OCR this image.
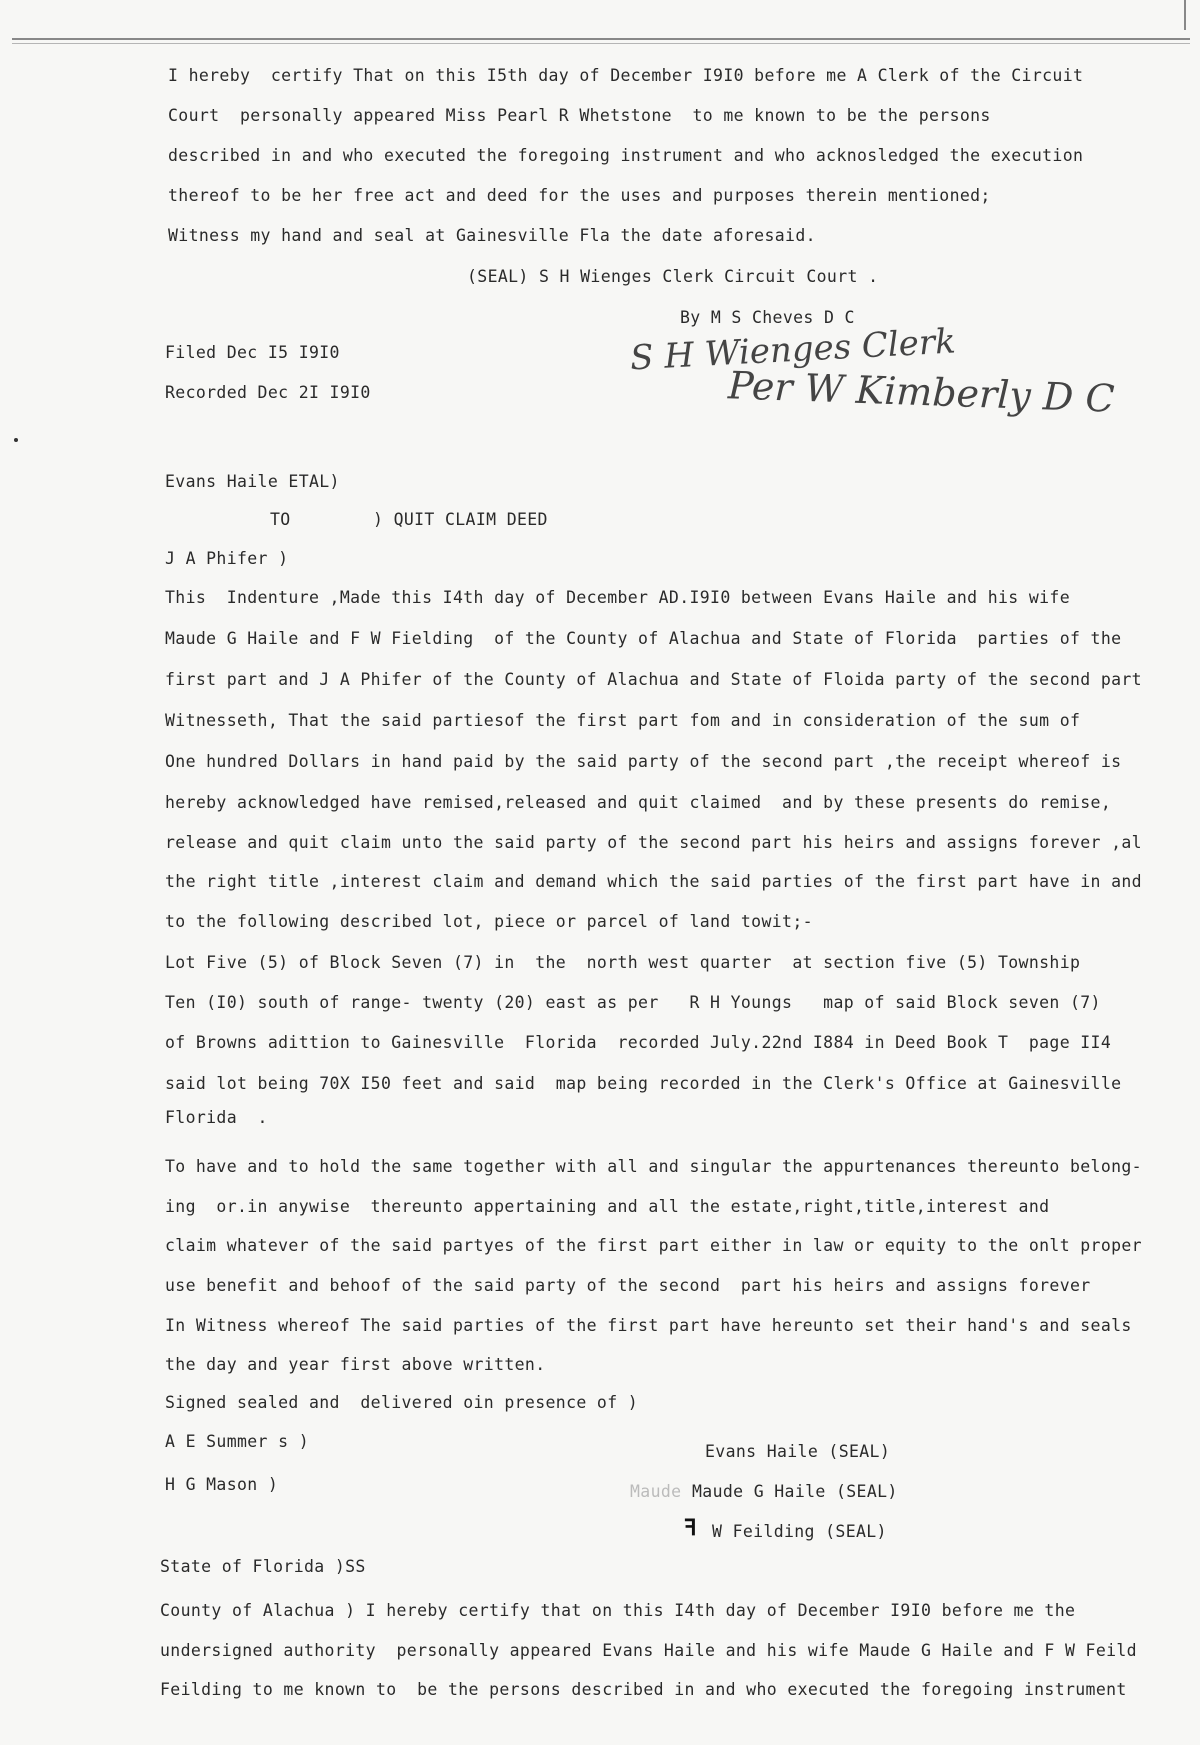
I hereby  certify That on this I5th day of December I9I0 before me A Clerk of the Circuit
Court  personally appeared Miss Pearl R Whetstone  to me known to be the persons
described in and who executed the foregoing instrument and who acknosledged the execution
thereof to be her free act and deed for the uses and purposes therein mentioned;
Witness my hand and seal at Gainesville Fla the date aforesaid.
(SEAL) S H Wienges Clerk Circuit Court .
By M S Cheves D C
Filed Dec I5 I9I0
Recorded Dec 2I I9I0
S H Wienges Clerk
Per W Kimberly D C
Evans Haile ETAL)
TO	) QUIT CLAIM DEED
J A Phifer )
This  Indenture ,Made this I4th day of December AD.I9I0 between Evans Haile and his wife
Maude G Haile and F W Fielding  of the County of Alachua and State of Florida  parties of the
first part and J A Phifer of the County of Alachua and State of Floida party of the second part
Witnesseth, That the said partiesof the first part fom and in consideration of the sum of
One hundred Dollars in hand paid by the said party of the second part ,the receipt whereof is
hereby acknowledged have remised,released and quit claimed  and by these presents do remise,
release and quit claim unto the said party of the second part his heirs and assigns forever ,al
the right title ,interest claim and demand which the said parties of the first part have in and
to the following described lot, piece or parcel of land towit;-
Lot Five (5) of Block Seven (7) in  the  north west quarter  at section five (5) Township
Ten (I0) south of range- twenty (20) east as per   R H Youngs   map of said Block seven (7)
of Browns adittion to Gainesville  Florida  recorded July.22nd I884 in Deed Book T  page II4
said lot being 70X I50 feet and said  map being recorded in the Clerk's Office at Gainesville
Florida  .
To have and to hold the same together with all and singular the appurtenances thereunto belong-
ing  or.in anywise  thereunto appertaining and all the estate,right,title,interest and
claim whatever of the said partyes of the first part either in law or equity to the onlt proper
use benefit and behoof of the said party of the second  part his heirs and assigns forever
In Witness whereof The said parties of the first part have hereunto set their hand's and seals
the day and year first above written.
Signed sealed and  delivered oin presence of )
A E Summer s )
H G Mason )
Evans Haile (SEAL)
Maude Maude G Haile (SEAL)
ꟻ W Feilding (SEAL)
State of Florida )SS
County of Alachua ) I hereby certify that on this I4th day of December I9I0 before me the
undersigned authority  personally appeared Evans Haile and his wife Maude G Haile and F W Feild
Feilding to me known to  be the persons described in and who executed the foregoing instrument
